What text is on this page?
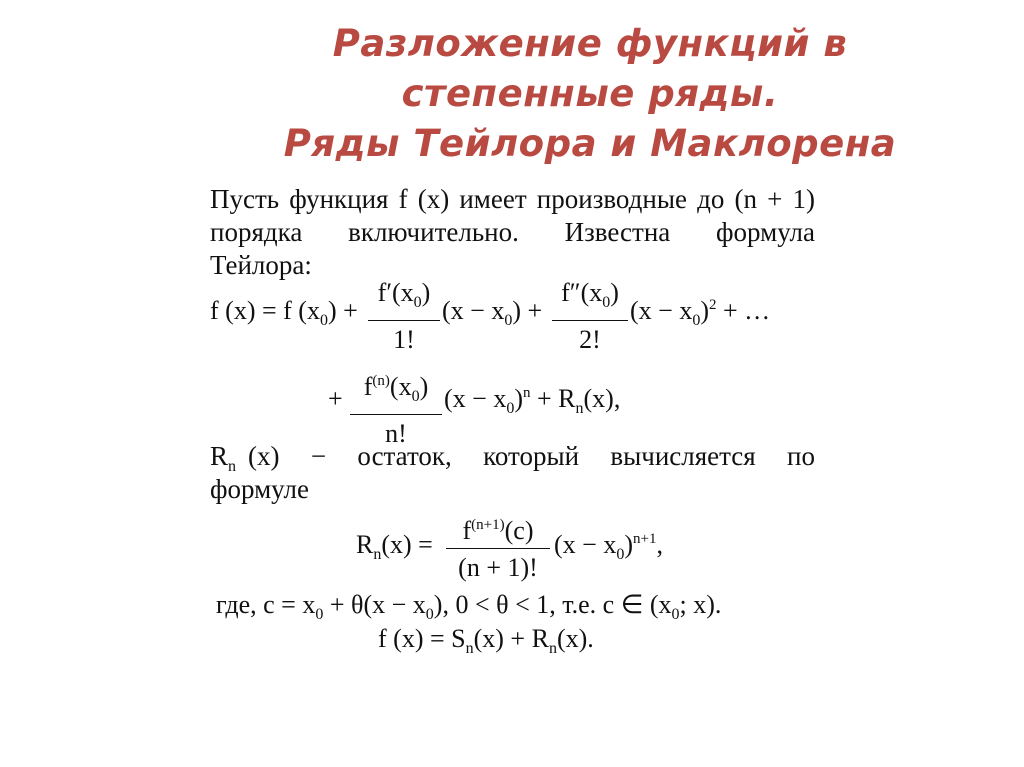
Разложение функций в
степенные ряды.
Ряды Тейлора и Маклорена
Пусть функция f (x) имеет производные до (n + 1)
порядка включительно. Известна формула
Тейлора:
f (x) = f $(x_0)$ +
$f'(x_0)$
1!
$(x - x_0)$ +
$f''(x_0)$
2!
$(x - x_0)^2$ + …
+ $f^{(n)}(x_0)$
n!
$(x - x_0)^n + R_n(x)$,
$R_n$ (x) − остаток, который вычисляется по
формуле
$R_n(x)$ =	$f^{(n+1)}(c)$
(n + 1)!
$(x - x_0)^{n+1}$,
где, $c = x_0 + \theta(x - x_0)$, 0 < θ < 1, т.е. c ∈ ($x_0$; x).
f $(x) = S_n(x) + R_n(x)$.
